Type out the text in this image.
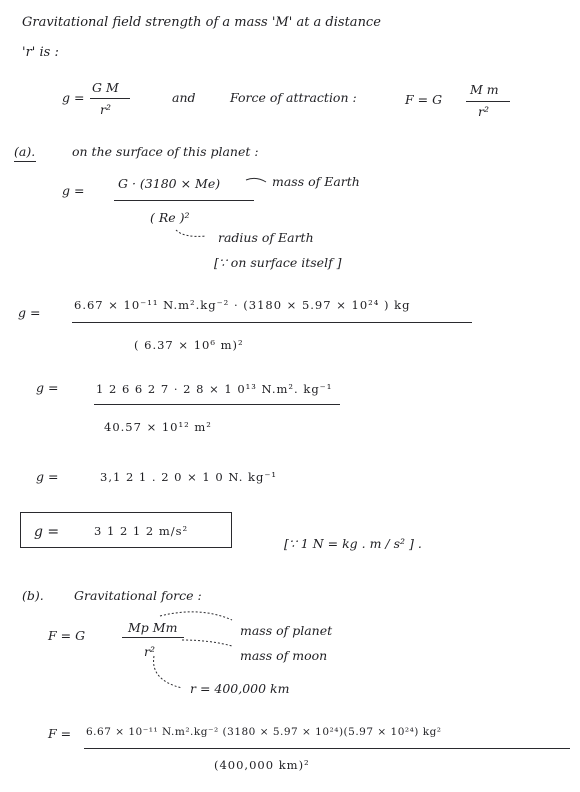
Gravitational field strength of a mass 'M' at a distance
'r' is :
g =
G M
r²
and	Force of attraction :	F = G
M m
r²
(a).	on the surface of this planet :
g =	G · (3180 × Me)	mass of Earth
( Re )²
radius of Earth
[∵ on surface itself ]
g =	6.67 × 10⁻¹¹ N.m².kg⁻² · (3180 × 5.97 × 10²⁴ ) kg
( 6.37 × 10⁶ m)²
g =	1 2 6 6 2 7 · 2 8 × 1 0¹³ N.m². kg⁻¹
40.57 × 10¹² m²
g =	3,1 2 1 . 2 0 × 1 0 N. kg⁻¹
g =	3 1 2 1 2 m/s²
[∵ 1 N = kg . m / s² ] .
(b). Gravitational force :
F = G
Mp Mm
r²
mass of planet
mass of moon
r = 400,000 km
F = 6.67 × 10⁻¹¹ N.m².kg⁻² (3180 × 5.97 × 10²⁴)(5.97 × 10²⁴) kg²
(400,000 km)²
